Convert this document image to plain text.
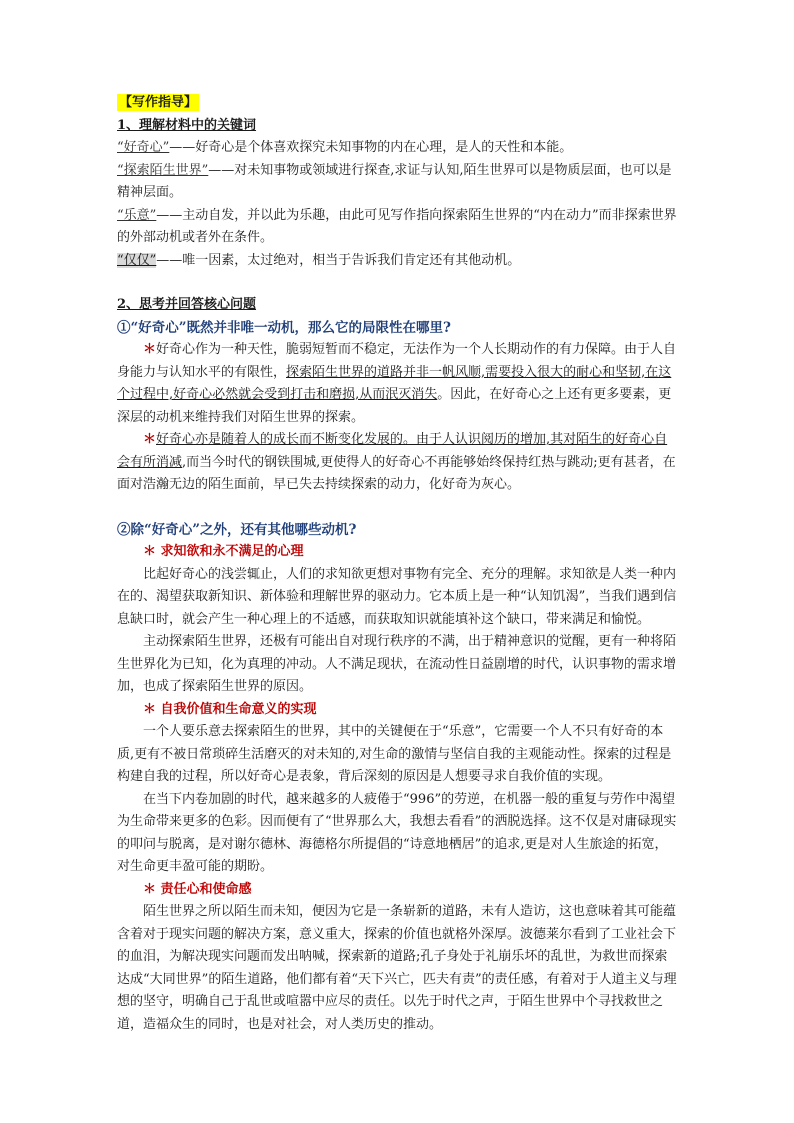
【写作指导】

1、理解材料中的关键词

“好奇心”——好奇心是个体喜欢探究未知事物的内在心理，是人的天性和本能。

“探索陌生世界”——对未知事物或领域进行探查,求证与认知,陌生世界可以是物质层面，也可以是精神层面。

“乐意”——主动自发，并以此为乐趣，由此可见写作指向探索陌生世界的“内在动力”而非探索世界的外部动机或者外在条件。

“仅仅”——唯一因素，太过绝对，相当于告诉我们肯定还有其他动机。

2、思考并回答核心问题

①“好奇心”既然并非唯一动机，那么它的局限性在哪里?

＊好奇心作为一种天性，脆弱短暂而不稳定，无法作为一个人长期动作的有力保障。由于人自身能力与认知水平的有限性，探索陌生世界的道路并非一帆风顺,需要投入很大的耐心和坚韧,在这个过程中,好奇心必然就会受到打击和磨损,从而泯灭消失。因此，在好奇心之上还有更多要素，更深层的动机来维持我们对陌生世界的探索。

＊好奇心亦是随着人的成长而不断变化发展的。由于人认识阅历的增加,其对陌生的好奇心自会有所消减,而当今时代的钢铁围城,更使得人的好奇心不再能够始终保持红热与跳动;更有甚者，在面对浩瀚无边的陌生面前，早已失去持续探索的动力，化好奇为灰心。

②除“好奇心”之外，还有其他哪些动机?

＊ 求知欲和永不满足的心理

比起好奇心的浅尝辄止，人们的求知欲更想对事物有完全、充分的理解。求知欲是人类一种内在的、渴望获取新知识、新体验和理解世界的驱动力。它本质上是一种“认知饥渴”，当我们遇到信息缺口时，就会产生一种心理上的不适感，而获取知识就能填补这个缺口，带来满足和愉悦。

主动探索陌生世界，还极有可能出自对现行秩序的不满，出于精神意识的觉醒，更有一种将陌生世界化为已知，化为真理的冲动。人不满足现状，在流动性日益剧增的时代，认识事物的需求增加，也成了探索陌生世界的原因。

＊ 自我价值和生命意义的实现

一个人要乐意去探索陌生的世界，其中的关键便在于“乐意”，它需要一个人不只有好奇的本质,更有不被日常琐碎生活磨灭的对未知的,对生命的激情与坚信自我的主观能动性。探索的过程是构建自我的过程，所以好奇心是表象，背后深刻的原因是人想要寻求自我价值的实现。

在当下内卷加剧的时代，越来越多的人疲倦于“996”的劳逆，在机器一般的重复与劳作中渴望为生命带来更多的色彩。因而便有了“世界那么大，我想去看看”的洒脱选择。这不仅是对庸碌现实的叩问与脱离，是对谢尔德林、海德格尔所提倡的“诗意地栖居”的追求,更是对人生旅途的拓宽，对生命更丰盈可能的期盼。

＊ 责任心和使命感

陌生世界之所以陌生而未知，便因为它是一条崭新的道路，未有人造访，这也意味着其可能蕴含着对于现实问题的解决方案，意义重大，探索的价值也就格外深厚。波德莱尔看到了工业社会下的血泪，为解决现实问题而发出呐喊，探索新的道路;孔子身处于礼崩乐坏的乱世，为救世而探索达成“大同世界”的陌生道路，他们都有着“天下兴亡，匹夫有责”的责任感，有着对于人道主义与理想的坚守，明确自己于乱世或喧嚣中应尽的责任。以先于时代之声，于陌生世界中个寻找救世之道，造福众生的同时，也是对社会，对人类历史的推动。
